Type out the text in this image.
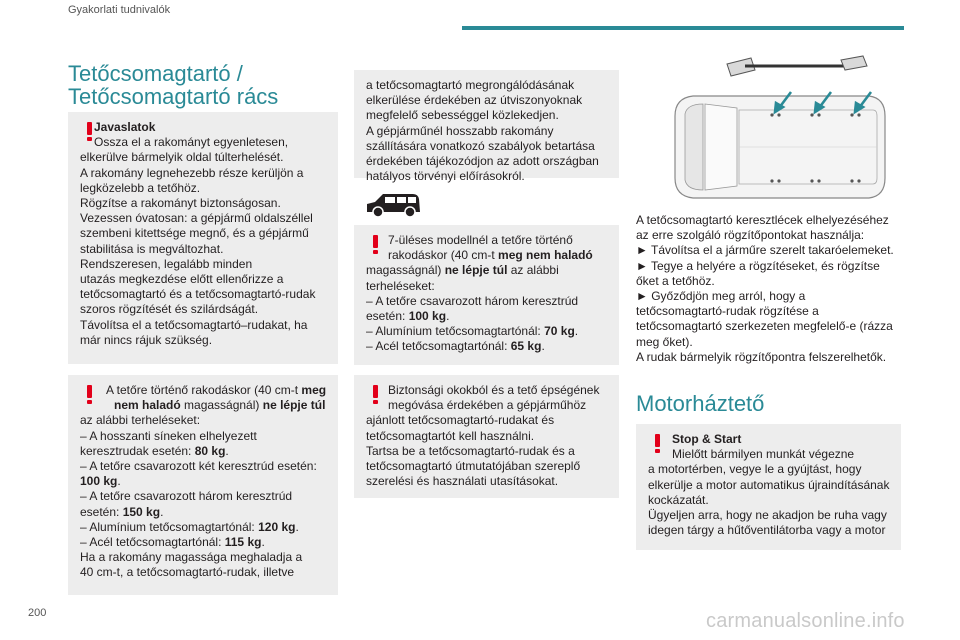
Gyakorlati tudnivalók
Tetőcsomagtartó /
Tetőcsomagtartó rács
Javaslatok
Ossza el a rakományt egyenletesen,

elkerülve bármelyik oldal túlterhelését.

A rakomány legnehezebb része kerüljön a

legközelebb a tetőhöz.

Rögzítse a rakományt biztonságosan.

Vezessen óvatosan: a gépjármű oldalszéllel

szembeni kitettsége megnő, és a gépjármű

stabilitása is megváltozhat.

Rendszeresen, legalább minden

utazás megkezdése előtt ellenőrizze a

tetőcsomagtartó és a tetőcsomagtartó-rudak

szoros rögzítését és szilárdságát.

Távolítsa el a tetőcsomagtartó–rudakat, ha

már nincs rájuk szükség.

A tetőre történő rakodáskor (40 cm-t meg
nem haladó magasságnál) ne lépje túl

az alábbi terheléseket:

– A hosszanti síneken elhelyezett

keresztrudak esetén: 80 kg.

– A tetőre csavarozott két keresztrúd esetén:

100 kg.

– A tetőre csavarozott három keresztrúd

esetén: 150 kg.

– Alumínium tetőcsomagtartónál: 120 kg.

– Acél tetőcsomagtartónál: 115 kg.

Ha a rakomány magassága meghaladja a

40 cm-t, a tetőcsomagtartó-rudak, illetve

a tetőcsomagtartó megrongálódásának

elkerülése érdekében az útviszonyoknak

megfelelő sebességgel közlekedjen.

A gépjárműnél hosszabb rakomány

szállítására vonatkozó szabályok betartása

érdekében tájékozódjon az adott országban

hatályos törvényi előírásokról.

7-üléses modellnél a tetőre történő
rakodáskor (40 cm-t meg nem haladó

magasságnál) ne lépje túl az alábbi

terheléseket:

– A tetőre csavarozott három keresztrúd

esetén: 100 kg.

– Alumínium tetőcsomagtartónál: 70 kg.

– Acél tetőcsomagtartónál: 65 kg.

Biztonsági okokból és a tető épségének
megóvása érdekében a gépjárműhöz

ajánlott tetőcsomagtartó-rudakat és

tetőcsomagtartót kell használni.

Tartsa be a tetőcsomagtartó-rudak és a

tetőcsomagtartó útmutatójában szereplő

szerelési és használati utasításokat.

A tetőcsomagtartó keresztlécek elhelyezéséhez

az erre szolgáló rögzítőpontokat használja:

► Távolítsa el a járműre szerelt takaróelemeket.

► Tegye a helyére a rögzítéseket, és rögzítse

őket a tetőhöz.

► Győződjön meg arról, hogy a

tetőcsomagtartó-rudak rögzítése a

tetőcsomagtartó szerkezeten megfelelő-e (rázza

meg őket).

A rudak bármelyik rögzítőpontra felszerelhetők.

Motorháztető
Stop & Start
Mielőtt bármilyen munkát végezne

a motortérben, vegye le a gyújtást, hogy

elkerülje a motor automatikus újraindításának

kockázatát.

Ügyeljen arra, hogy ne akadjon be ruha vagy

idegen tárgy a hűtőventilátorba vagy a motor

200	carmanualsonline.info
